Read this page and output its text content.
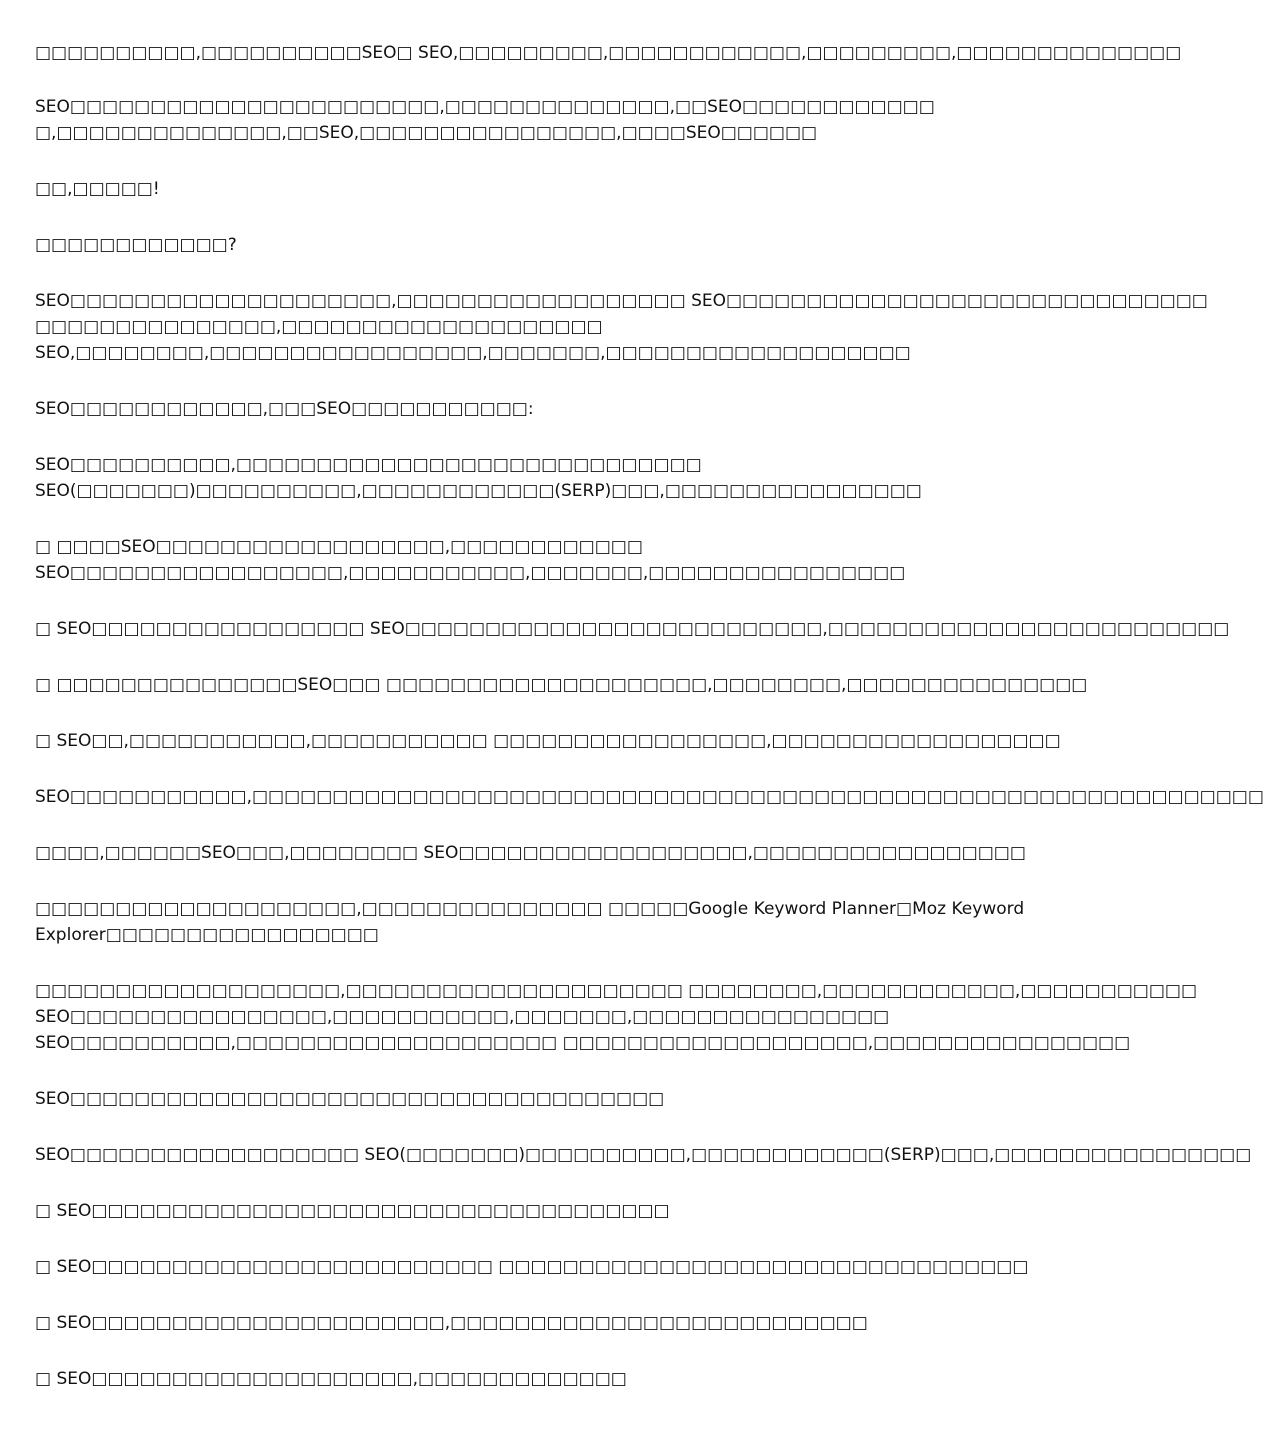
□□□□□□□□□□,□□□□□□□□□□SEO□ SEO,□□□□□□□□□,□□□□□□□□□□□□,□□□□□□□□□,□□□□□□□□□□□□□□

SEO□□□□□□□□□□□□□□□□□□□□□□□,□□□□□□□□□□□□□□,□□SEO□□□□□□□□□□□□
□,□□□□□□□□□□□□□□,□□SEO,□□□□□□□□□□□□□□□□,□□□□SEO□□□□□□

□□,□□□□□!

□□□□□□□□□□□□?

SEO□□□□□□□□□□□□□□□□□□□□,□□□□□□□□□□□□□□□□□□ SEO□□□□□□□□□□□□□□□□□□□□□□□□□□□□□□
□□□□□□□□□□□□□□□,□□□□□□□□□□□□□□□□□□□□
SEO,□□□□□□□□,□□□□□□□□□□□□□□□□□,□□□□□□□,□□□□□□□□□□□□□□□□□□□

SEO□□□□□□□□□□□□,□□□SEO□□□□□□□□□□□:

SEO□□□□□□□□□□,□□□□□□□□□□□□□□□□□□□□□□□□□□□□□
SEO(□□□□□□□)□□□□□□□□□□,□□□□□□□□□□□□(SERP)□□□,□□□□□□□□□□□□□□□□

□ □□□□SEO□□□□□□□□□□□□□□□□□□,□□□□□□□□□□□□
SEO□□□□□□□□□□□□□□□□□,□□□□□□□□□□□,□□□□□□□,□□□□□□□□□□□□□□□□

□ SEO□□□□□□□□□□□□□□□□□ SEO□□□□□□□□□□□□□□□□□□□□□□□□□□,□□□□□□□□□□□□□□□□□□□□□□□□□

□ □□□□□□□□□□□□□□□SEO□□□ □□□□□□□□□□□□□□□□□□□□,□□□□□□□□,□□□□□□□□□□□□□□□

□ SEO□□,□□□□□□□□□□□,□□□□□□□□□□□ □□□□□□□□□□□□□□□□□,□□□□□□□□□□□□□□□□□□

SEO□□□□□□□□□□□,□□□□□□□□□□□□□□□□□□□□□□□□□□□□□□□□□□□□□□□□□□□□□□□□□□□□□□□□□□□□□□□

□□□□,□□□□□□SEO□□□,□□□□□□□□ SEO□□□□□□□□□□□□□□□□□□,□□□□□□□□□□□□□□□□□

□□□□□□□□□□□□□□□□□□□□,□□□□□□□□□□□□□□□ □□□□□Google Keyword Planner□Moz Keyword
Explorer□□□□□□□□□□□□□□□□□

□□□□□□□□□□□□□□□□□□□,□□□□□□□□□□□□□□□□□□□□□ □□□□□□□□,□□□□□□□□□□□□,□□□□□□□□□□□
SEO□□□□□□□□□□□□□□□□,□□□□□□□□□□□,□□□□□□□,□□□□□□□□□□□□□□□□
SEO□□□□□□□□□□,□□□□□□□□□□□□□□□□□□□□ □□□□□□□□□□□□□□□□□□□,□□□□□□□□□□□□□□□□

SEO□□□□□□□□□□□□□□□□□□□□□□□□□□□□□□□□□□□□□

SEO□□□□□□□□□□□□□□□□□□ SEO(□□□□□□□)□□□□□□□□□□,□□□□□□□□□□□□(SERP)□□□,□□□□□□□□□□□□□□□□

□ SEO□□□□□□□□□□□□□□□□□□□□□□□□□□□□□□□□□□□□

□ SEO□□□□□□□□□□□□□□□□□□□□□□□□□ □□□□□□□□□□□□□□□□□□□□□□□□□□□□□□□□□

□ SEO□□□□□□□□□□□□□□□□□□□□□□,□□□□□□□□□□□□□□□□□□□□□□□□□□

□ SEO□□□□□□□□□□□□□□□□□□□□,□□□□□□□□□□□□□
